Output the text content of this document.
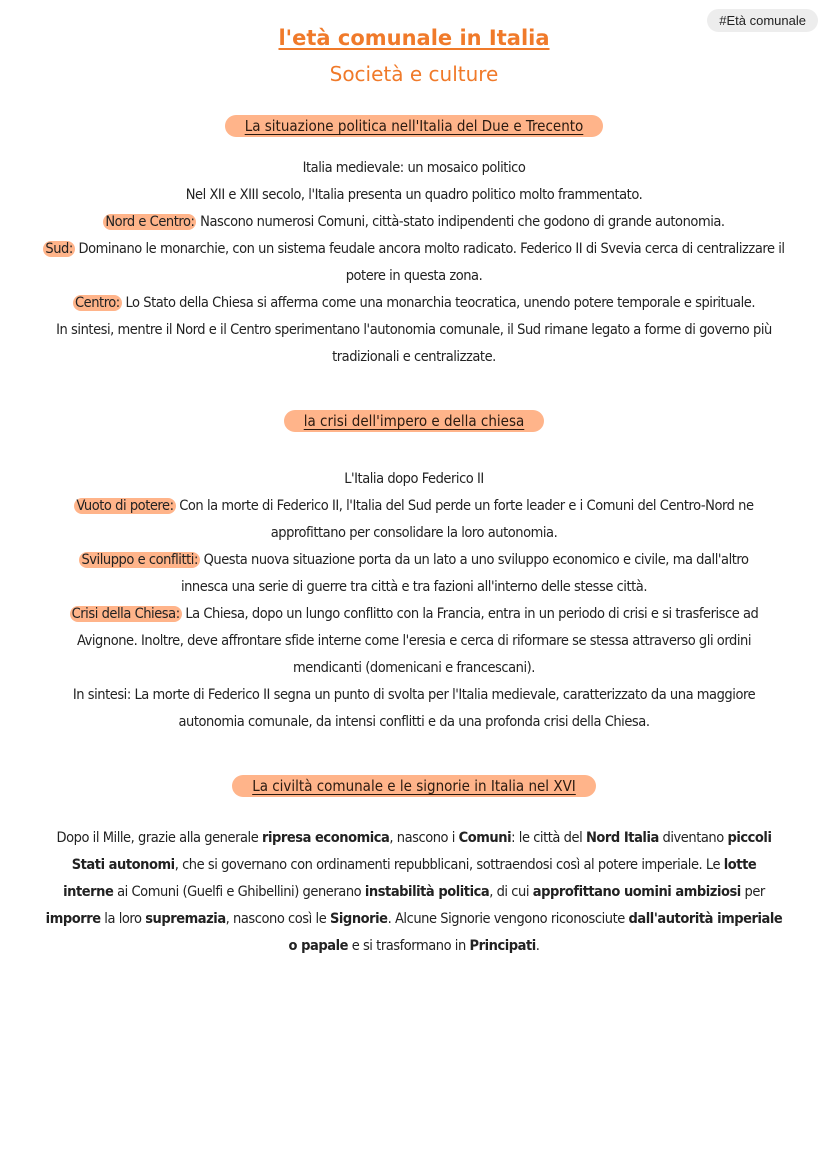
#Età comunale
l'età comunale in Italia
Società e culture
La situazione politica nell'Italia del Due e Trecento

Italia medievale: un mosaico politico

Nel XII e XIII secolo, l'Italia presenta un quadro politico molto frammentato.

Nord e Centro: Nascono numerosi Comuni, città-stato indipendenti che godono di grande autonomia.

Sud: Dominano le monarchie, con un sistema feudale ancora molto radicato. Federico II di Svevia cerca di centralizzare il potere in questa zona.

Centro: Lo Stato della Chiesa si afferma come una monarchia teocratica, unendo potere temporale e spirituale.

In sintesi, mentre il Nord e il Centro sperimentano l'autonomia comunale, il Sud rimane legato a forme di governo più tradizionali e centralizzate.

la crisi dell'impero e della chiesa

L'Italia dopo Federico II

Vuoto di potere: Con la morte di Federico II, l'Italia del Sud perde un forte leader e i Comuni del Centro-Nord ne approfittano per consolidare la loro autonomia.

Sviluppo e conflitti: Questa nuova situazione porta da un lato a uno sviluppo economico e civile, ma dall'altro innesca una serie di guerre tra città e tra fazioni all'interno delle stesse città.

Crisi della Chiesa: La Chiesa, dopo un lungo conflitto con la Francia, entra in un periodo di crisi e si trasferisce ad Avignone. Inoltre, deve affrontare sfide interne come l'eresia e cerca di riformare se stessa attraverso gli ordini mendicanti (domenicani e francescani).

In sintesi: La morte di Federico II segna un punto di svolta per l'Italia medievale, caratterizzato da una maggiore autonomia comunale, da intensi conflitti e da una profonda crisi della Chiesa.

La civiltà comunale e le signorie in Italia nel XVI
Dopo il Mille, grazie alla generale ripresa economica, nascono i Comuni: le città del Nord Italia diventano piccoli Stati autonomi, che si governano con ordinamenti repubblicani, sottraendosi così al potere imperiale. Le lotte interne ai Comuni (Guelfi e Ghibellini) generano instabilità politica, di cui approfittano uomini ambiziosi per imporre la loro supremazia, nascono così le Signorie. Alcune Signorie vengono riconosciute dall'autorità imperiale o papale e si trasformano in Principati.
